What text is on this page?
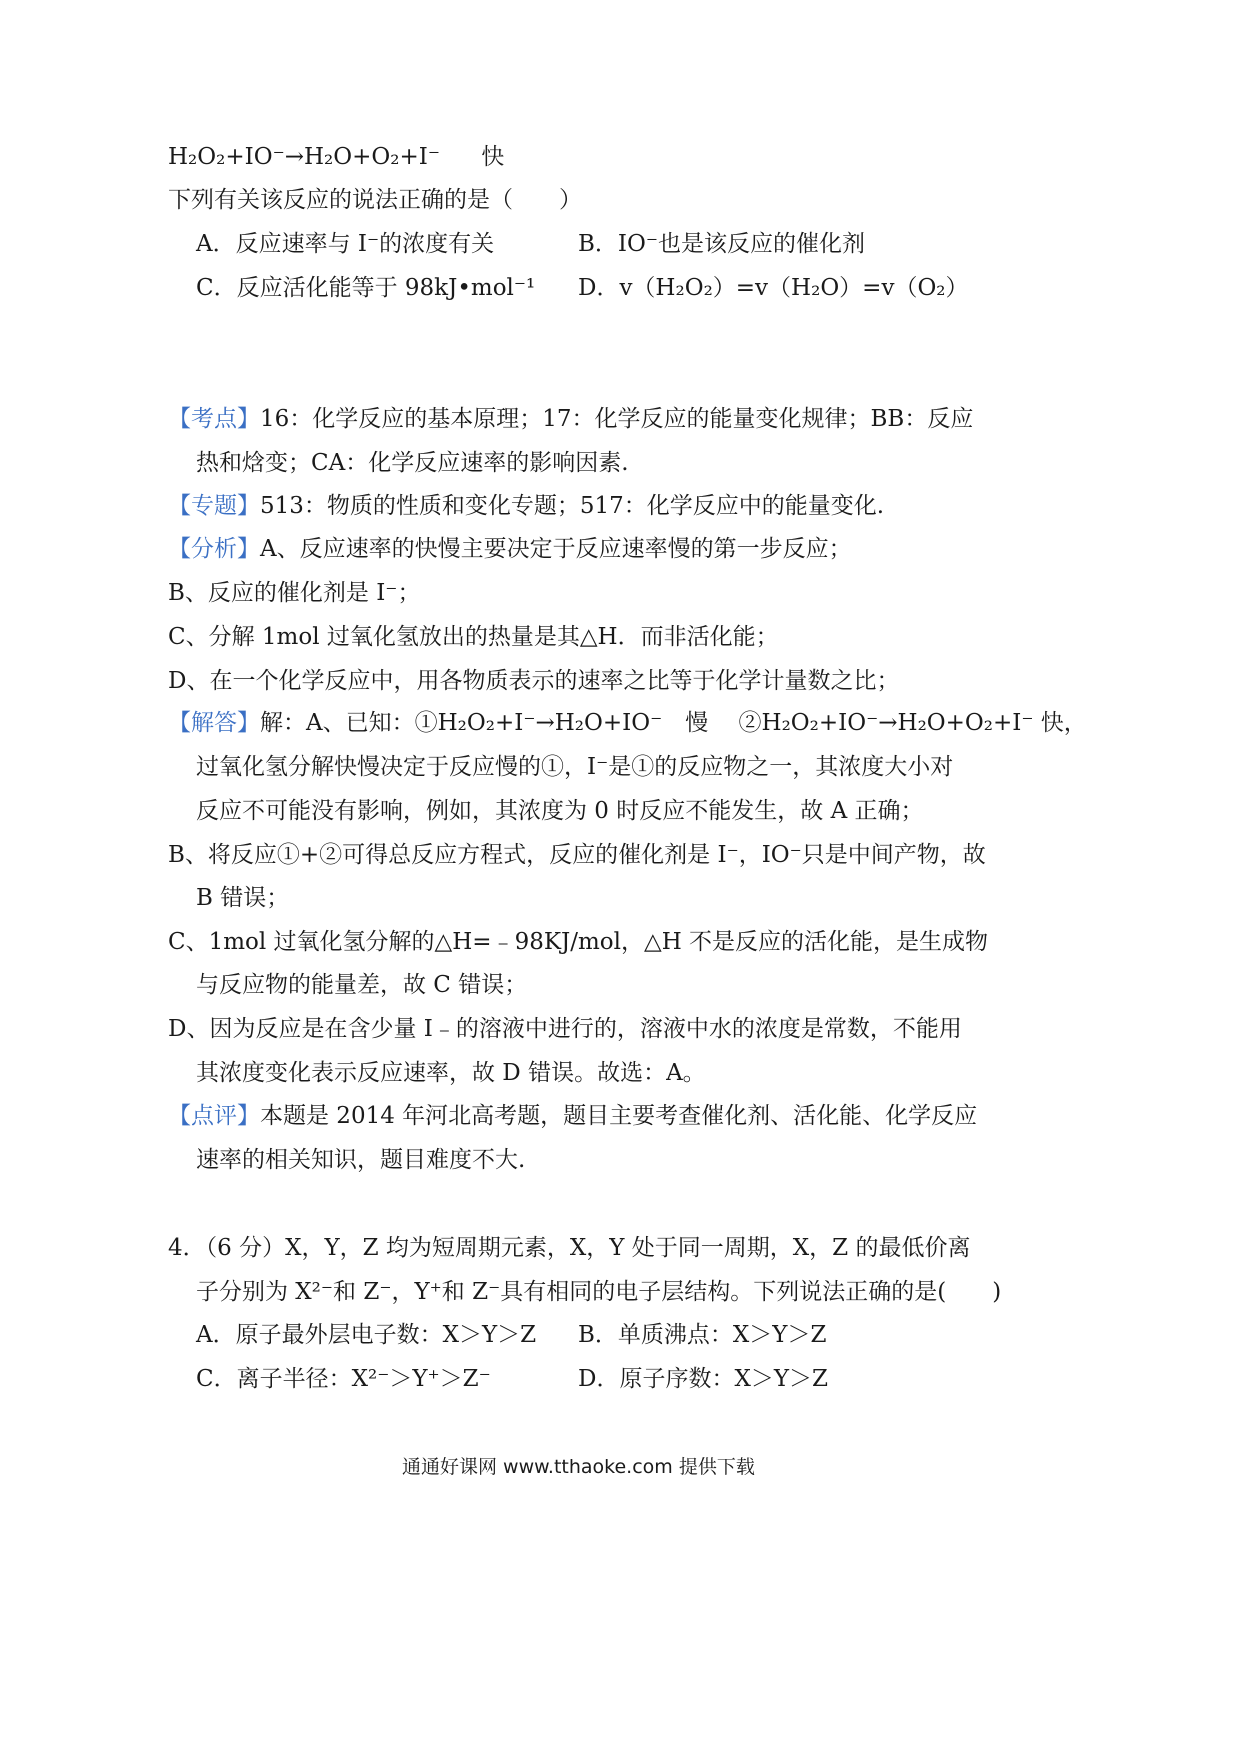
H₂O₂+IO⁻→H₂O+O₂+I⁻ 快
下列有关该反应的说法正确的是（　　）
A．反应速率与 I⁻的浓度有关	B．IO⁻也是该反应的催化剂
C．反应活化能等于 98kJ•mol⁻¹ D．v（H₂O₂）=v（H₂O）=v（O₂）
【考点】16：化学反应的基本原理；17：化学反应的能量变化规律；BB：反应
热和焓变；CA：化学反应速率的影响因素.
【专题】513：物质的性质和变化专题；517：化学反应中的能量变化.
【分析】A、反应速率的快慢主要决定于反应速率慢的第一步反应；
B、反应的催化剂是 I⁻；
C、分解 1mol 过氧化氢放出的热量是其△H．而非活化能；
D、在一个化学反应中，用各物质表示的速率之比等于化学计量数之比；
【解答】解：A、已知：①H₂O₂+I⁻→H₂O+IO⁻　慢　 ②H₂O₂+IO⁻→H₂O+O₂+I⁻ 快，
过氧化氢分解快慢决定于反应慢的①，I⁻是①的反应物之一，其浓度大小对
反应不可能没有影响，例如，其浓度为 0 时反应不能发生，故 A 正确；
B、将反应①+②可得总反应方程式，反应的催化剂是 I⁻，IO⁻只是中间产物，故
B 错误；
C、1mol 过氧化氢分解的△H=﹣98KJ/mol，△H 不是反应的活化能，是生成物
与反应物的能量差，故 C 错误；
D、因为反应是在含少量 I﹣的溶液中进行的，溶液中水的浓度是常数，不能用
其浓度变化表示反应速率，故 D 错误。故选：A。
【点评】本题是 2014 年河北高考题，题目主要考查催化剂、活化能、化学反应
速率的相关知识，题目难度不大.
4．（6 分）X，Y，Z 均为短周期元素，X，Y 处于同一周期，X，Z 的最低价离
子分别为 X²⁻和 Z⁻，Y⁺和 Z⁻具有相同的电子层结构。下列说法正确的是(　　)
A．原子最外层电子数：X＞Y＞Z B．单质沸点：X＞Y＞Z
C．离子半径：X²⁻＞Y⁺＞Z⁻	D．原子序数：X＞Y＞Z
通通好课网 www.tthaoke.com 提供下载
